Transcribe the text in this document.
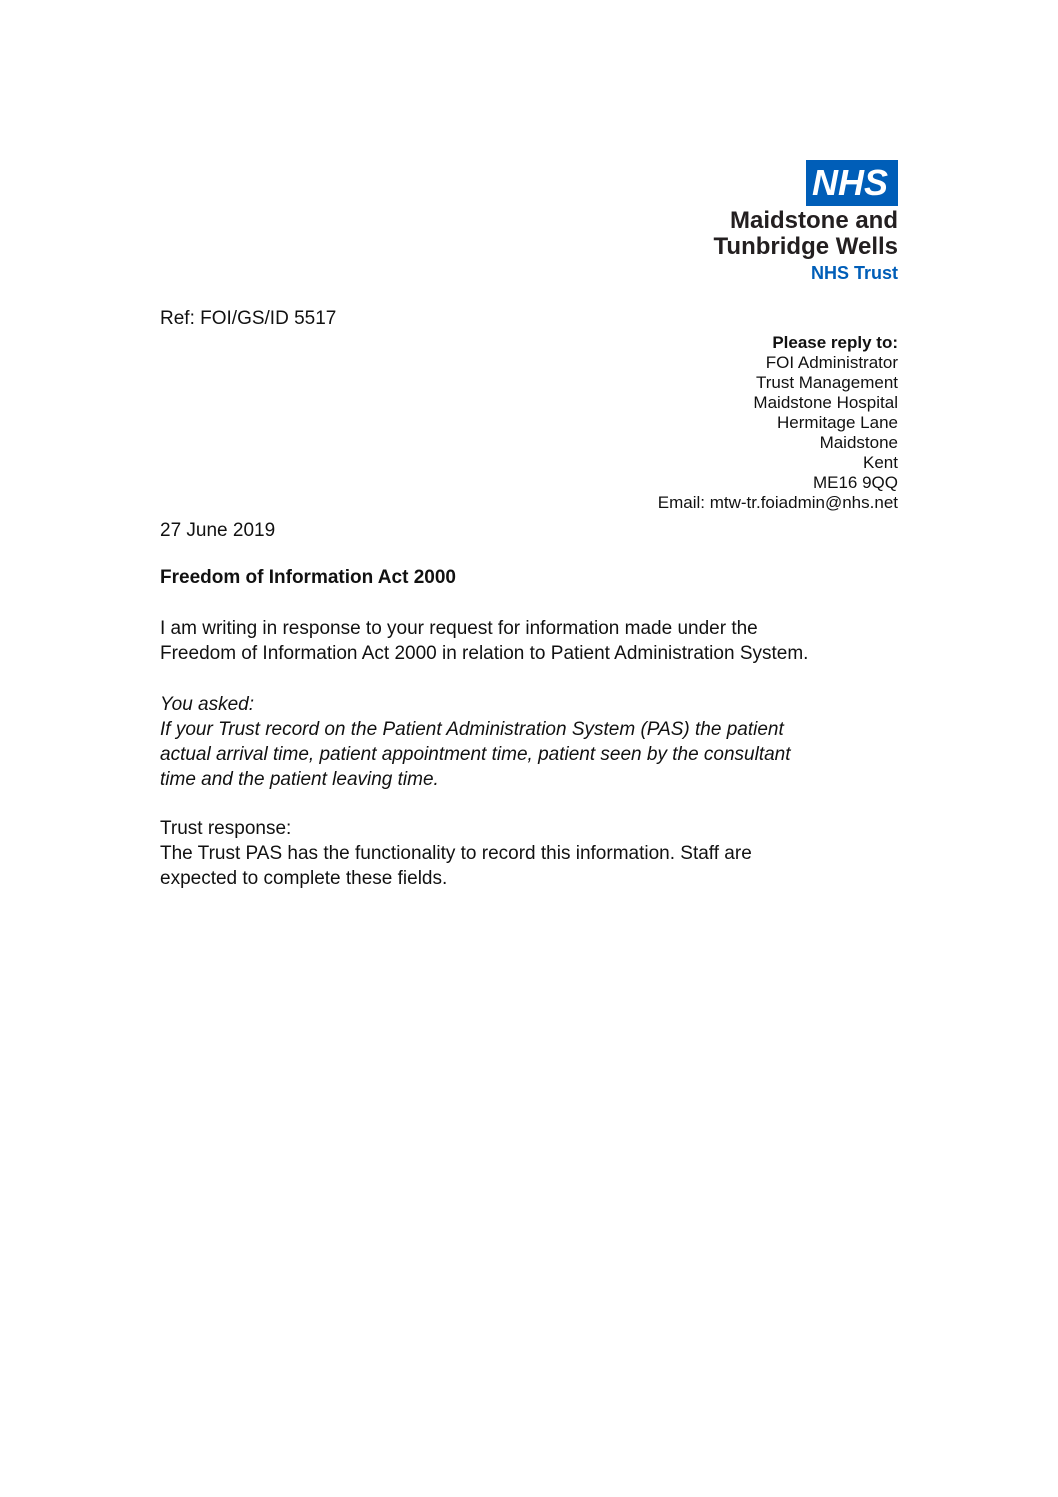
NHS
Maidstone and
Tunbridge Wells
NHS Trust
Ref: FOI/GS/ID 5517
Please reply to:
FOI Administrator
Trust Management
Maidstone Hospital
Hermitage Lane
Maidstone
Kent
ME16 9QQ
Email: mtw-tr.foiadmin@nhs.net
27 June 2019
Freedom of Information Act 2000
I am writing in response to your request for information made under the
Freedom of Information Act 2000 in relation to Patient Administration System.
You asked:
If your Trust record on the Patient Administration System (PAS) the patient
actual arrival time, patient appointment time, patient seen by the consultant
time and the patient leaving time.
Trust response:
The Trust PAS has the functionality to record this information. Staff are
expected to complete these fields.
